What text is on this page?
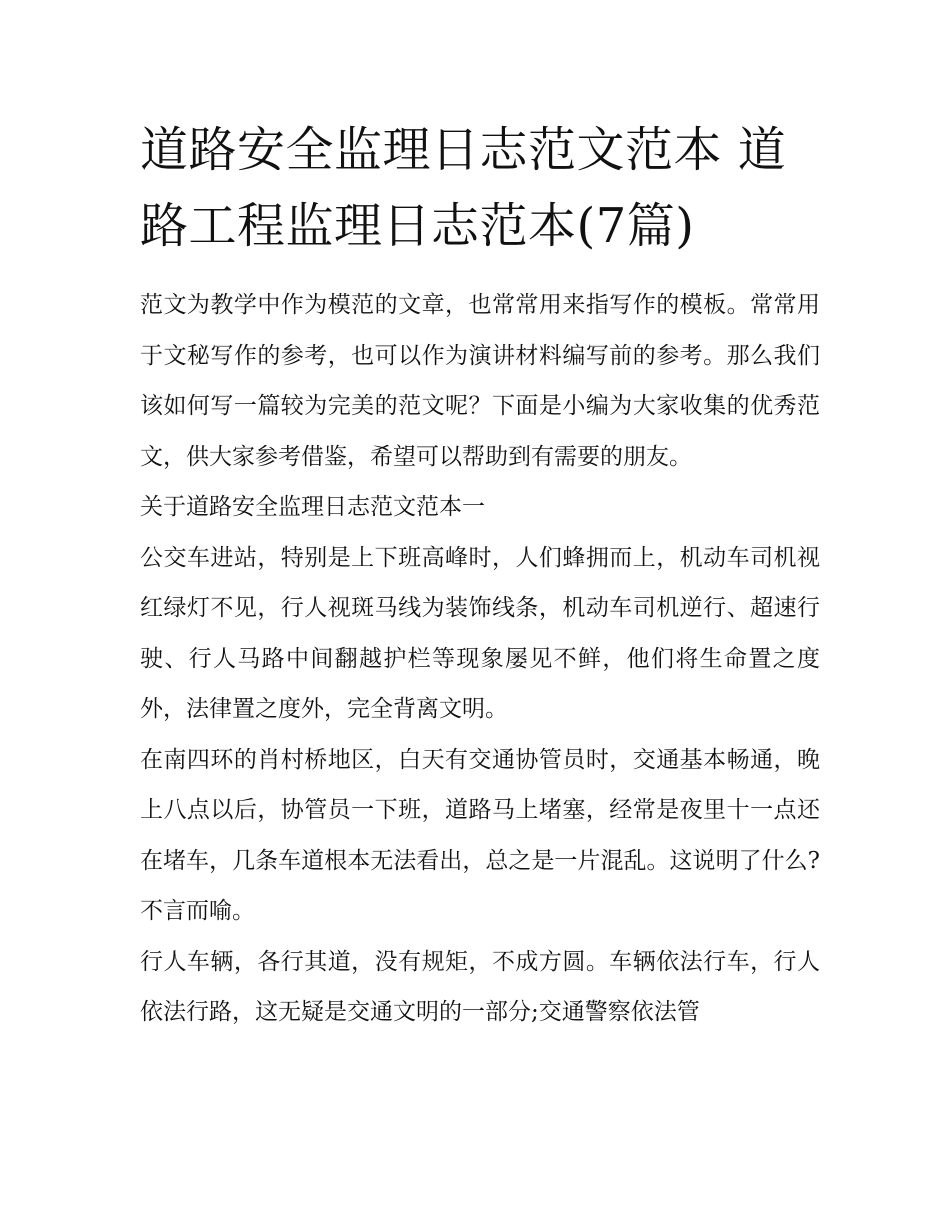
道路安全监理日志范文范本 道路工程监理日志范本(7篇)

范文为教学中作为模范的文章，也常常用来指写作的模板。常常用于文秘写作的参考，也可以作为演讲材料编写前的参考。那么我们该如何写一篇较为完美的范文呢？下面是小编为大家收集的优秀范文，供大家参考借鉴，希望可以帮助到有需要的朋友。

关于道路安全监理日志范文范本一

公交车进站，特别是上下班高峰时，人们蜂拥而上，机动车司机视红绿灯不见，行人视斑马线为装饰线条，机动车司机逆行、超速行驶、行人马路中间翻越护栏等现象屡见不鲜，他们将生命置之度外，法律置之度外，完全背离文明。

在南四环的肖村桥地区，白天有交通协管员时，交通基本畅通，晚上八点以后，协管员一下班，道路马上堵塞，经常是夜里十一点还在堵车，几条车道根本无法看出，总之是一片混乱。这说明了什么?不言而喻。

行人车辆，各行其道，没有规矩，不成方圆。车辆依法行车，行人依法行路，这无疑是交通文明的一部分;交通警察依法管
